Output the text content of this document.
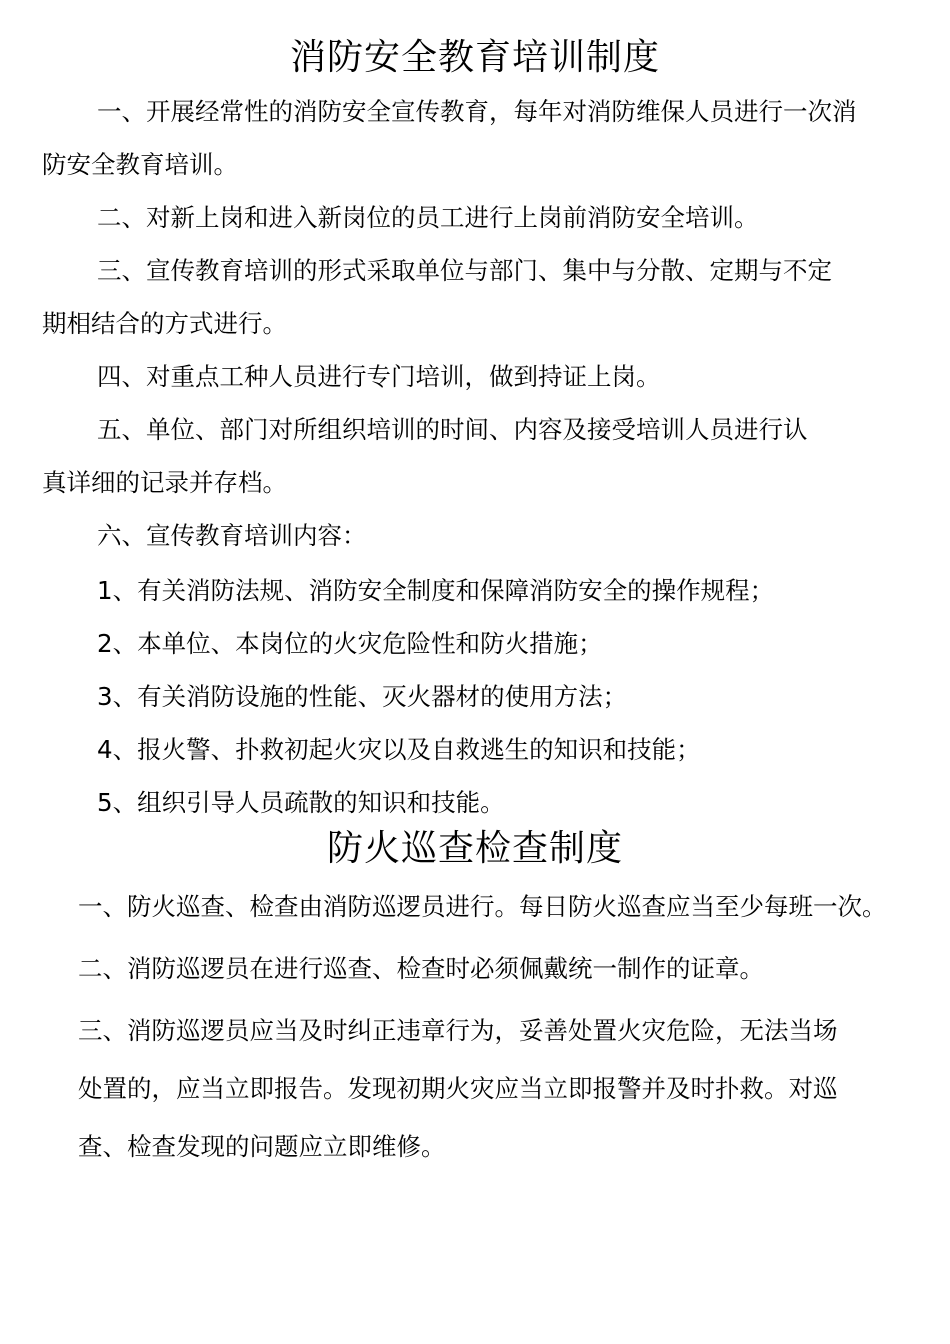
消防安全教育培训制度
一、开展经常性的消防安全宣传教育，每年对消防维保人员进行一次消
防安全教育培训。
二、对新上岗和进入新岗位的员工进行上岗前消防安全培训。
三、宣传教育培训的形式采取单位与部门、集中与分散、定期与不定
期相结合的方式进行。
四、对重点工种人员进行专门培训，做到持证上岗。
五、单位、部门对所组织培训的时间、内容及接受培训人员进行认
真详细的记录并存档。
六、宣传教育培训内容：
1、有关消防法规、消防安全制度和保障消防安全的操作规程；
2、本单位、本岗位的火灾危险性和防火措施；
3、有关消防设施的性能、灭火器材的使用方法；
4、报火警、扑救初起火灾以及自救逃生的知识和技能；
5、组织引导人员疏散的知识和技能。
防火巡查检查制度
一、防火巡查、检查由消防巡逻员进行。每日防火巡查应当至少每班一次。
二、消防巡逻员在进行巡查、检查时必须佩戴统一制作的证章。
三、消防巡逻员应当及时纠正违章行为，妥善处置火灾危险，无法当场
处置的，应当立即报告。发现初期火灾应当立即报警并及时扑救。对巡
查、检查发现的问题应立即维修。
